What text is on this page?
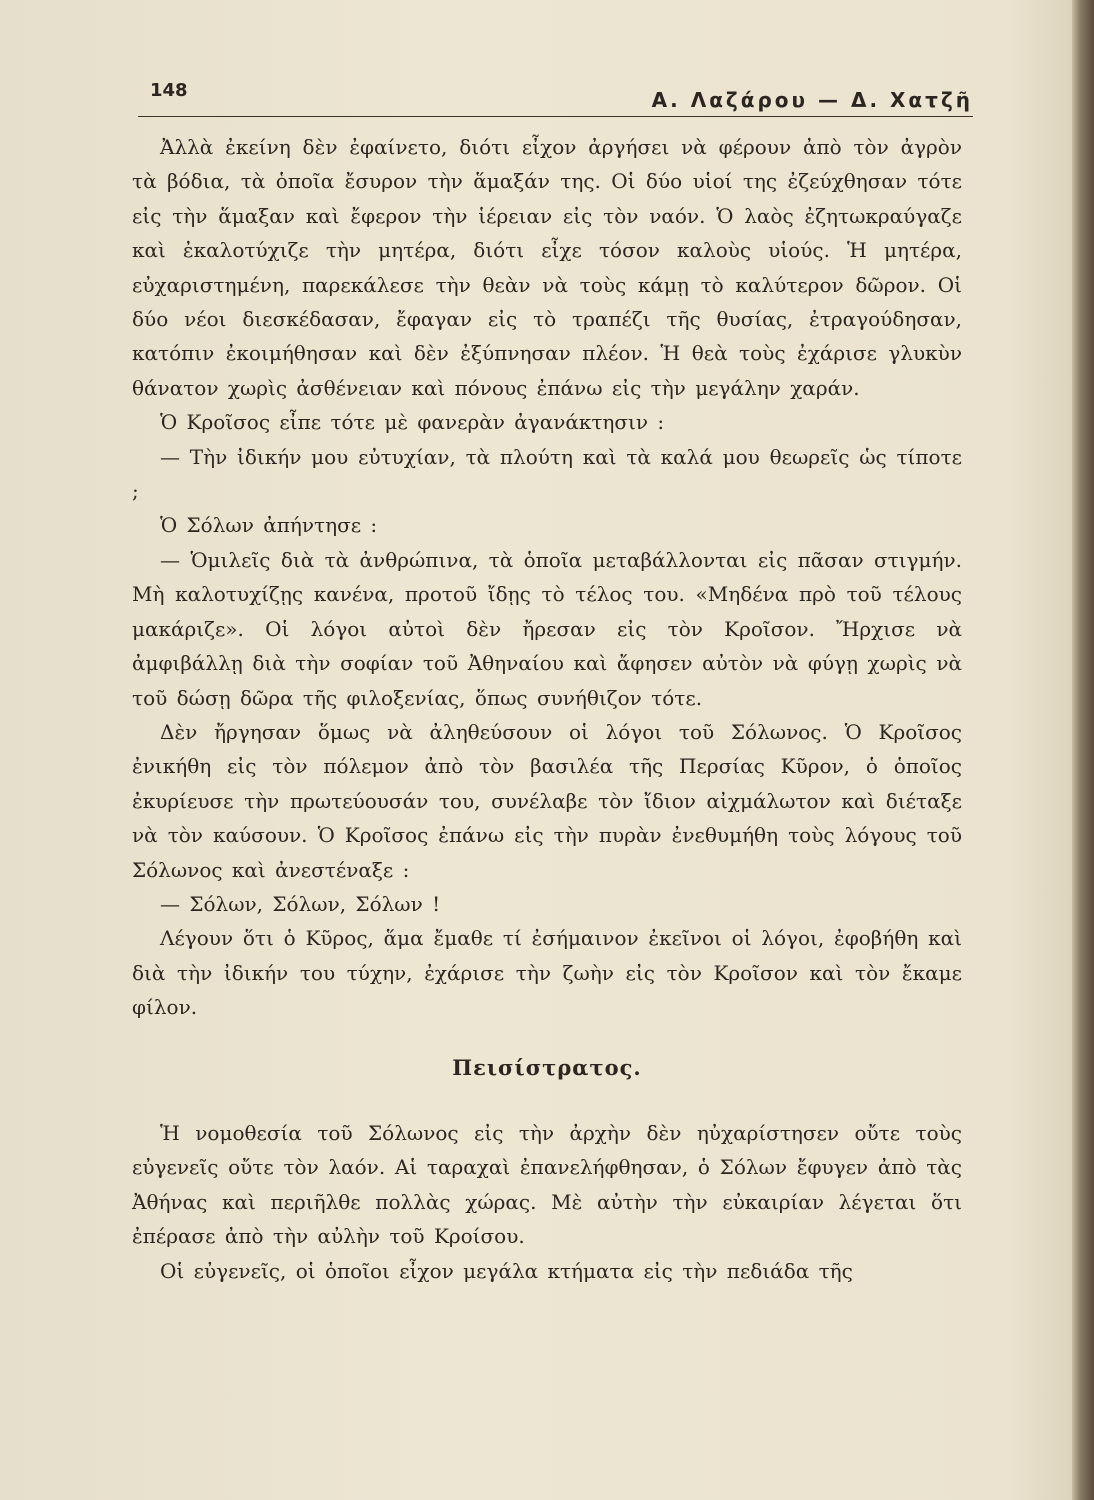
148	Α. Λαζάρου — Δ. Χατζῆ

Ἀλλὰ ἐκείνη δὲν ἐφαίνετο, διότι εἶχον ἀργήσει νὰ φέρουν ἀπὸ τὸν ἀγρὸν τὰ βόδια, τὰ ὁποῖα ἔσυρον τὴν ἅμαξάν της. Οἱ δύο υἱοί της ἐζεύχθησαν τότε εἰς τὴν ἅμαξαν καὶ ἔφερον τὴν ἱέρειαν εἰς τὸν ναόν. Ὁ λαὸς ἐζητωκραύγαζε καὶ ἐκαλοτύχιζε τὴν μητέρα, διότι εἶχε τόσον καλοὺς υἱούς. Ἡ μητέρα, εὐχαριστημένη, παρεκάλεσε τὴν θεὰν νὰ τοὺς κάμῃ τὸ καλύτερον δῶρον. Οἱ δύο νέοι διεσκέδασαν, ἔφαγαν εἰς τὸ τραπέζι τῆς θυσίας, ἐτραγούδησαν, κατόπιν ἐκοιμήθησαν καὶ δὲν ἐξύπνησαν πλέον. Ἡ θεὰ τοὺς ἐχάρισε γλυκὺν θάνατον χωρὶς ἀσθένειαν καὶ πόνους ἐπάνω εἰς τὴν μεγάλην χαράν.

Ὁ Κροῖσος εἶπε τότε μὲ φανερὰν ἀγανάκτησιν :

— Τὴν ἰδικήν μου εὐτυχίαν, τὰ πλούτη καὶ τὰ καλά μου θεωρεῖς ὡς τίποτε ;

Ὁ Σόλων ἀπήντησε :

— Ὁμιλεῖς διὰ τὰ ἀνθρώπινα, τὰ ὁποῖα μεταβάλλονται εἰς πᾶσαν στιγμήν. Μὴ καλοτυχίζῃς κανένα, προτοῦ ἴδῃς τὸ τέλος του. «Μηδένα πρὸ τοῦ τέλους μακάριζε». Οἱ λόγοι αὐτοὶ δὲν ἤρεσαν εἰς τὸν Κροῖσον. Ἤρχισε νὰ ἀμφιβάλλῃ διὰ τὴν σοφίαν τοῦ Ἀθηναίου καὶ ἄφησεν αὐτὸν νὰ φύγῃ χωρὶς νὰ τοῦ δώσῃ δῶρα τῆς φιλοξενίας, ὅπως συνήθιζον τότε.

Δὲν ἤργησαν ὅμως νὰ ἀληθεύσουν οἱ λόγοι τοῦ Σόλωνος. Ὁ Κροῖσος ἐνικήθη εἰς τὸν πόλεμον ἀπὸ τὸν βασιλέα τῆς Περσίας Κῦρον, ὁ ὁποῖος ἐκυρίευσε τὴν πρωτεύουσάν του, συνέλαβε τὸν ἴδιον αἰχμάλωτον καὶ διέταξε νὰ τὸν καύσουν. Ὁ Κροῖσος ἐπάνω εἰς τὴν πυρὰν ἐνεθυμήθη τοὺς λόγους τοῦ Σόλωνος καὶ ἀνεστέναξε :

— Σόλων, Σόλων, Σόλων !

Λέγουν ὅτι ὁ Κῦρος, ἅμα ἔμαθε τί ἐσήμαινον ἐκεῖνοι οἱ λόγοι, ἐφοβήθη καὶ διὰ τὴν ἰδικήν του τύχην, ἐχάρισε τὴν ζωὴν εἰς τὸν Κροῖσον καὶ τὸν ἔκαμε φίλον.

Πεισίστρατος.

Ἡ νομοθεσία τοῦ Σόλωνος εἰς τὴν ἀρχὴν δὲν ηὐχαρίστησεν οὔτε τοὺς εὐγενεῖς οὔτε τὸν λαόν. Αἱ ταραχαὶ ἐπανελήφθησαν, ὁ Σόλων ἔφυγεν ἀπὸ τὰς Ἀθήνας καὶ περιῆλθε πολλὰς χώρας. Μὲ αὐτὴν τὴν εὐκαιρίαν λέγεται ὅτι ἐπέρασε ἀπὸ τὴν αὐλὴν τοῦ Κροίσου.

Οἱ εὐγενεῖς, οἱ ὁποῖοι εἶχον μεγάλα κτήματα εἰς τὴν πεδιάδα τῆς
